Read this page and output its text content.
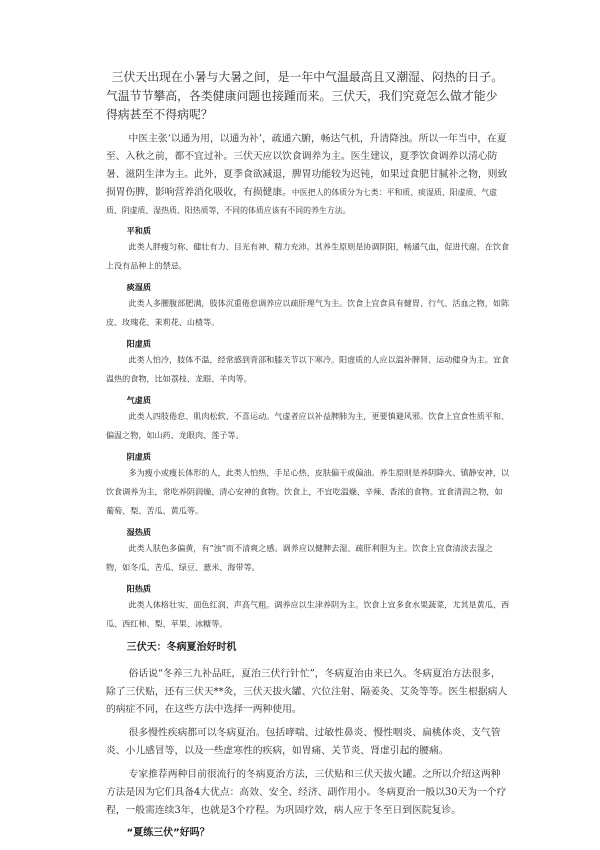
三伏天出现在小暑与大暑之间，是一年中气温最高且又潮湿、闷热的日子。气温节节攀高，各类健康问题也接踵而来。三伏天，我们究竟怎么做才能少得病甚至不得病呢？

中医主张‘以通为用，以通为补’，疏通六腑，畅达气机，升清降浊。所以一年当中，在夏至、入秋之前，都不宜过补。三伏天应以饮食调养为主。医生建议，夏季饮食调养以清心防暑、滋阴生津为主。此外，夏季食欲减退，脾胃功能较为迟钝，如果过食肥甘腻补之物，则致损胃伤脾，影响营养消化吸收，有损健康。中医把人的体质分为七类：平和质、痰湿质、阳虚质、气虚质、阴虚质、湿热质、阳热质等，不同的体质应该有不同的养生方法。

平和质

此类人胖瘦匀称、健壮有力、目光有神、精力充沛。其养生原则是协调阴阳，畅通气血，促进代谢。在饮食上没有品种上的禁忌。

痰湿质

此类人多腰腹部肥满，肢体沉重倦怠调养应以疏肝理气为主。饮食上宜食具有健胃、行气、活血之物，如陈皮、玫瑰花、茉莉花、山楂等。

阳虚质

此类人怕冷，肢体不温，经常感到背部和膝关节以下寒冷。阳虚质的人应以温补脾肾、运动健身为主。宜食温热的食物，比如荔枝、龙眼、羊肉等。

气虚质

此类人四肢倦怠、肌肉松软、不喜运动。气虚者应以补益脾肺为主，更要慎避风邪。饮食上宜食性质平和、偏温之物，如山药、龙眼肉、莲子等。

阴虚质

多为瘦小或瘦长体形的人，此类人怕热、手足心热、皮肤偏干或偏油。养生原则是养阴降火、镇静安神，以饮食调养为主，常吃养阴润燥、清心安神的食物。饮食上，不宜吃温燥、辛辣、香浓的食物。宜食清润之物，如葡萄、梨、苦瓜、黄瓜等。

湿热质

此类人肤色多偏黄，有“浊”而不清爽之感。调养应以健脾去湿、疏肝利胆为主。饮食上宜食清淡去湿之物，如冬瓜、苦瓜、绿豆、薏米、海带等。

阳热质

此类人体格壮实、面色红润、声高气粗。调养应以生津养阴为主。饮食上宜多食水果蔬菜，尤其是黄瓜、西瓜、西红柿、梨、苹果、冰糖等。

三伏天：冬病夏治好时机

俗话说“冬养三九补品旺，夏治三伏行针忙”，冬病夏治由来已久。冬病夏治方法很多，除了三伏贴，还有三伏天**灸，三伏天拔火罐、穴位注射、隔姜灸、艾灸等等。医生根据病人的病症不同，在这些方法中选择一两种使用。

很多慢性疾病都可以冬病夏治。包括哮喘、过敏性鼻炎、慢性咽炎、扁桃体炎、支气管炎、小儿感冒等，以及一些虚寒性的疾病，如胃痛、关节炎、肾虚引起的腰痛。

专家推荐两种目前很流行的冬病夏治方法，三伏贴和三伏天拔火罐。之所以介绍这两种方法是因为它们具备4大优点：高效、安全、经济、副作用小。冬病夏治一般以30天为一个疗程，一般需连续3年，也就是3个疗程。为巩固疗效，病人应于冬至日到医院复诊。

“夏练三伏”好吗？
